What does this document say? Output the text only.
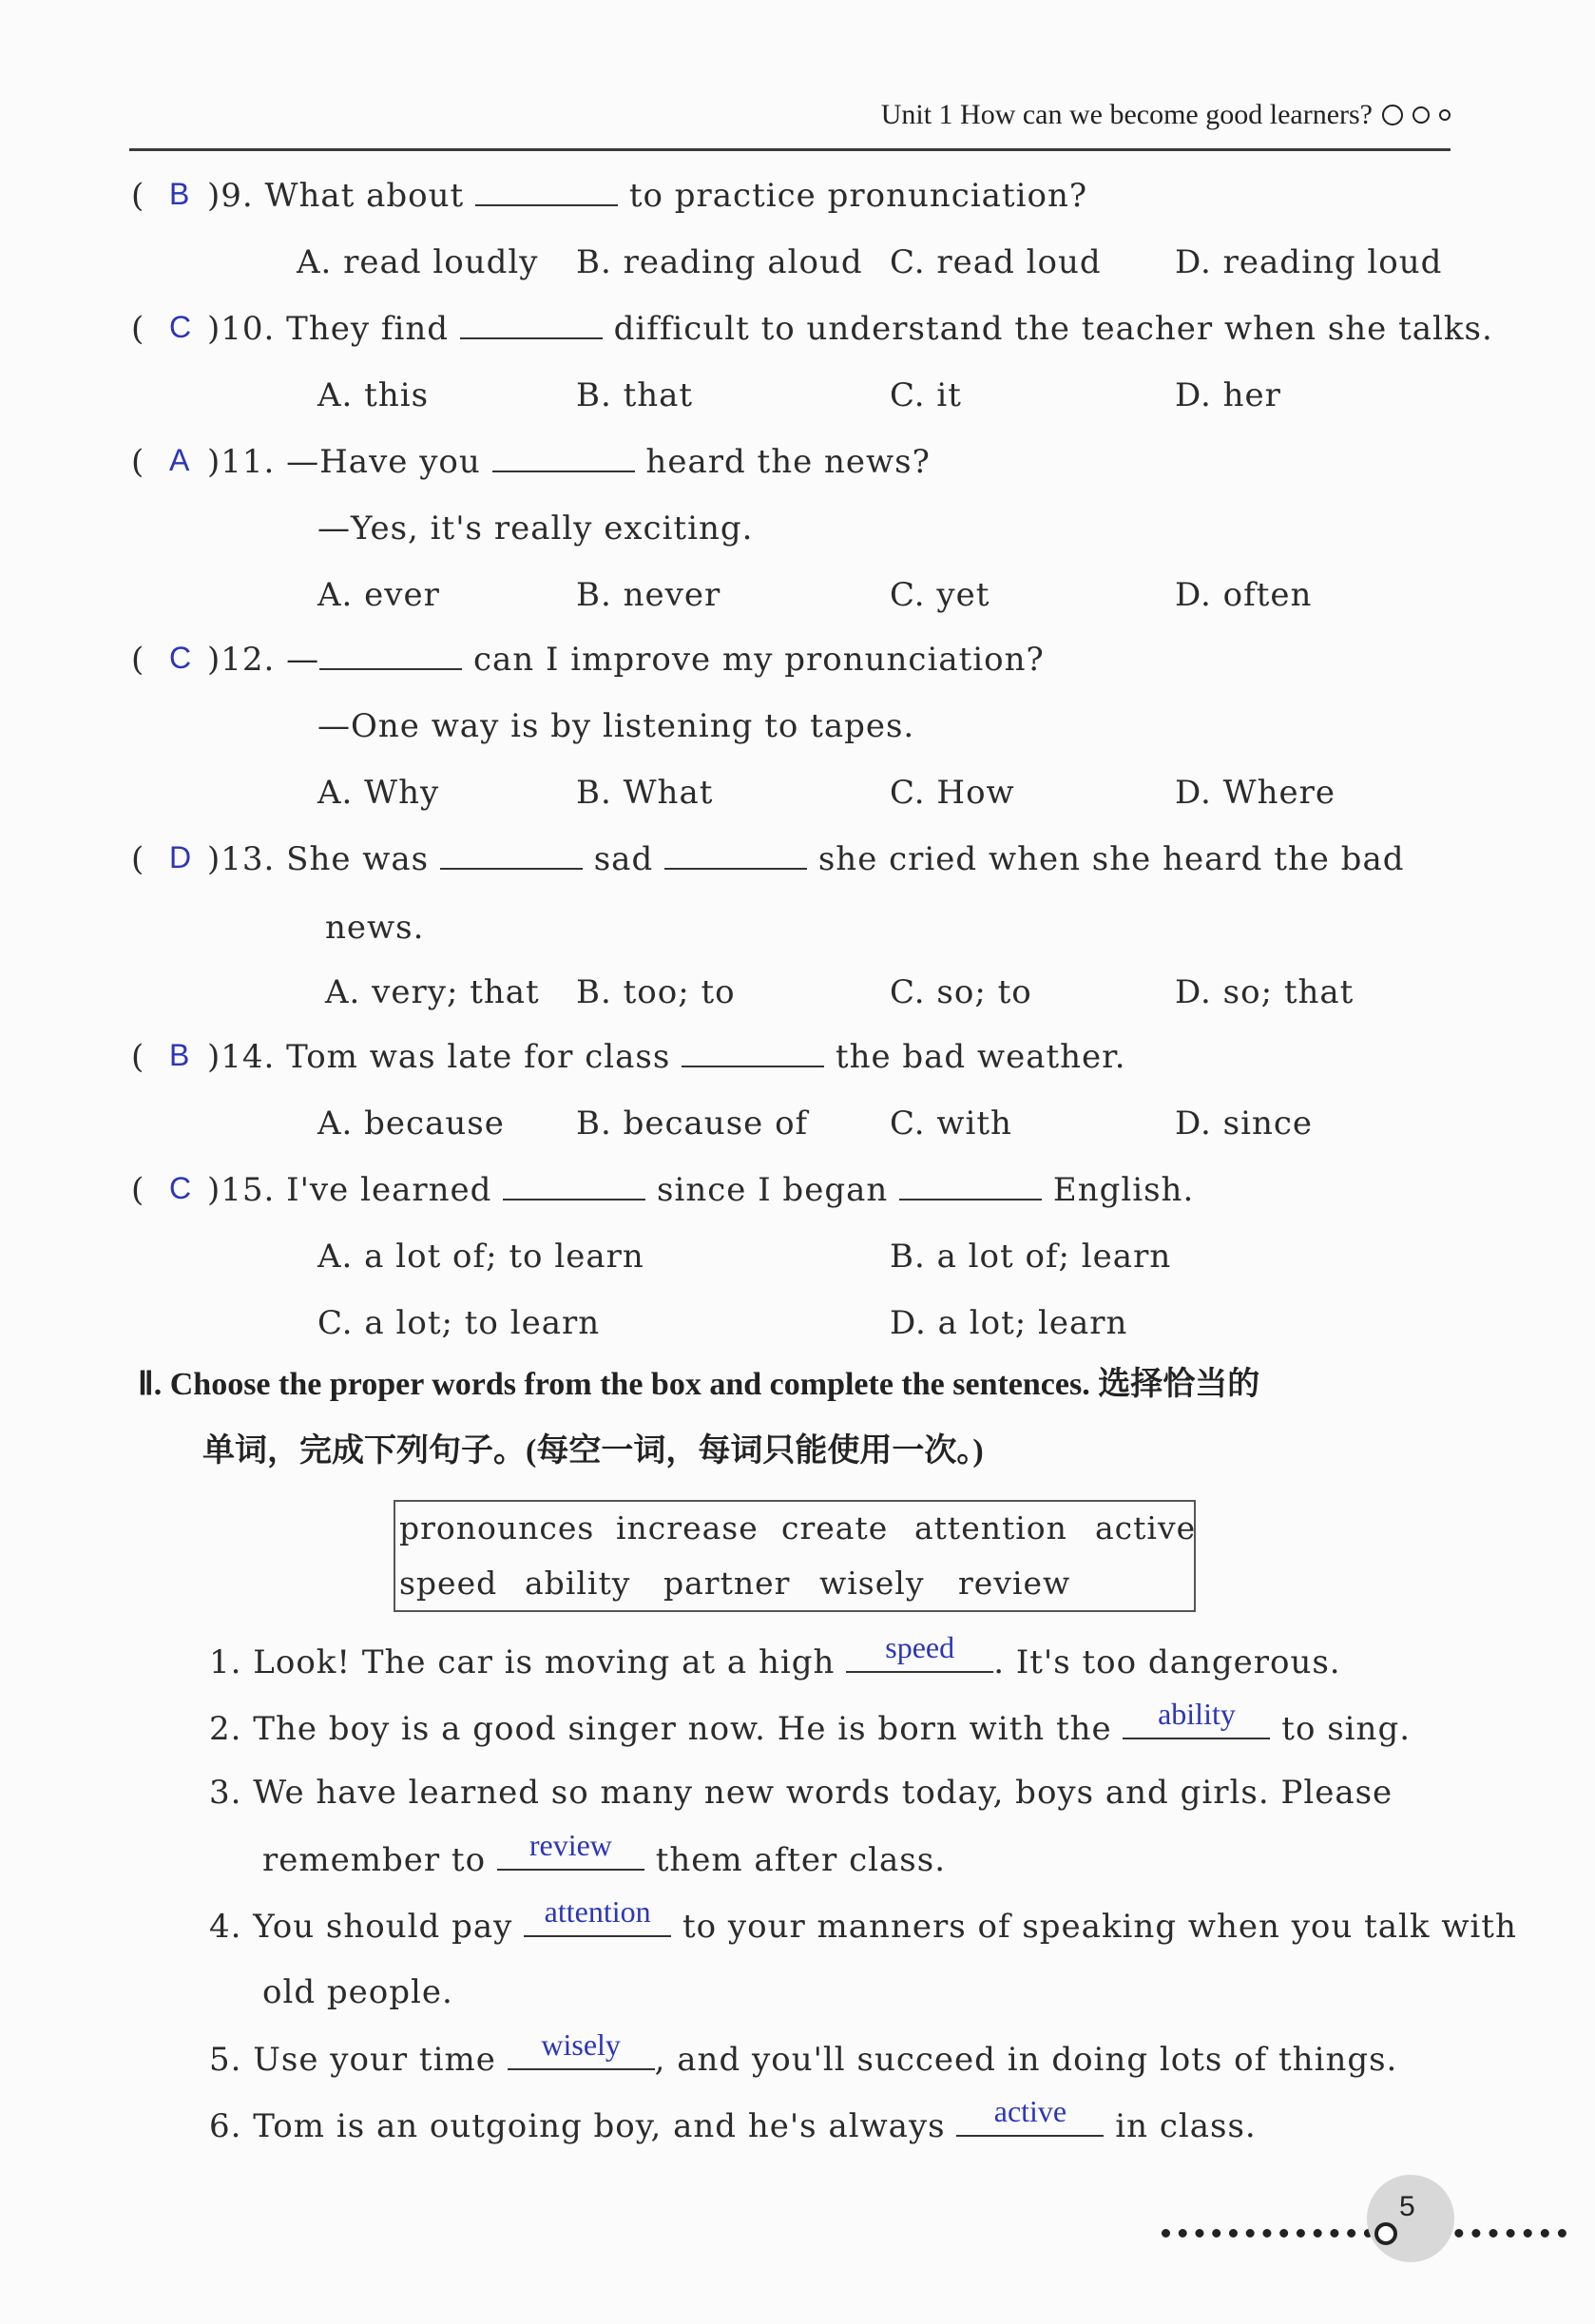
Unit 1 How can we become good learners?
( B
)9. What about	to practice pronunciation?
A. read loudly B. reading aloud C. read loud D. reading loud
( C )10. They find	difficult to understand the teacher when she talks.
A. this	B. that	C. it	D. her
( A )11. —Have you	heard the news?
—Yes, it's really exciting.
A. ever	B. never	C. yet	D. often
( C )12. —	can I improve my pronunciation?
—One way is by listening to tapes.
A. Why	B. What	C. How	D. Where
( D )13. She was	sad	she cried when she heard the bad
news.
A. very; that B. too; to	C. so; to	D. so; that
( B )14. Tom was late for class	the bad weather.
A. because B. because of	C. with	D. since
( C )15. I've learned	since I began	English.
A. a lot of; to learn	B. a lot of; learn
C. a lot; to learn	D. a lot; learn
Ⅱ. Choose the proper words from the box and complete the sentences. 选择恰当的
单词，完成下列句子。(每空一词，每词只能使用一次。)
pronounces increase create attention active
speed ability partner wisely review
1. Look! The car is moving at a high	speed	. It's too dangerous.
2. The boy is a good singer now. He is born with the	ability	to sing.
3. We have learned so many new words today, boys and girls. Please
remember to	review	them after class.
4. You should pay	attention to your manners of speaking when you talk with
old people.
5. Use your time	wisely	, and you'll succeed in doing lots of things.
6. Tom is an outgoing boy, and he's always	active	in class.
5
